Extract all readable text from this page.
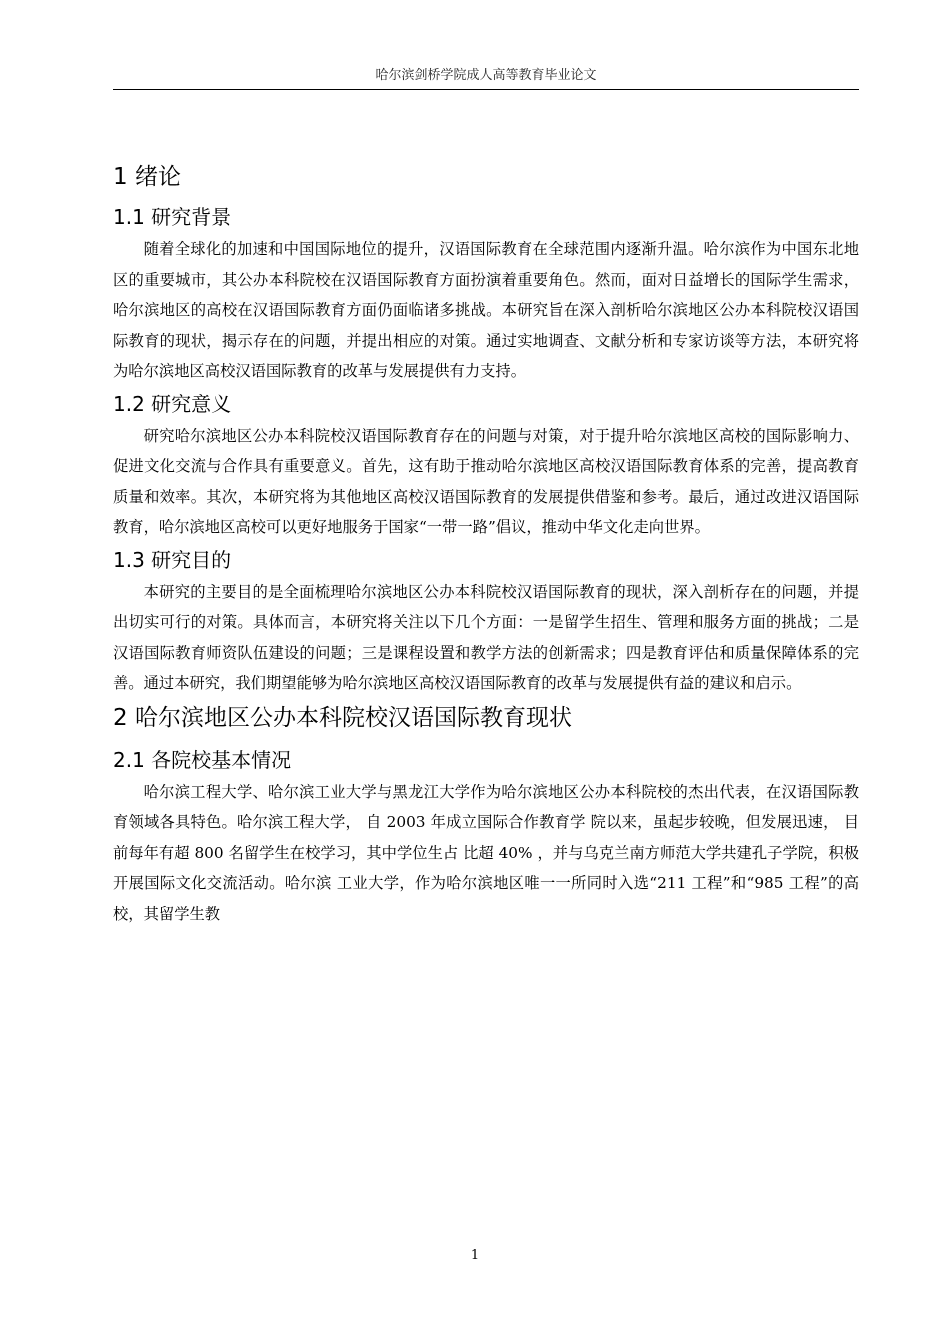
哈尔滨剑桥学院成人高等教育毕业论文
1 绪论
1.1 研究背景

随着全球化的加速和中国国际地位的提升，汉语国际教育在全球范围内逐渐升温。哈尔滨作为中国东北地区的重要城市，其公办本科院校在汉语国际教育方面扮演着重要角色。然而，面对日益增长的国际学生需求，哈尔滨地区的高校在汉语国际教育方面仍面临诸多挑战。本研究旨在深入剖析哈尔滨地区公办本科院校汉语国际教育的现状，揭示存在的问题，并提出相应的对策。通过实地调查、文献分析和专家访谈等方法，本研究将为哈尔滨地区高校汉语国际教育的改革与发展提供有力支持。

1.2 研究意义

研究哈尔滨地区公办本科院校汉语国际教育存在的问题与对策，对于提升哈尔滨地区高校的国际影响力、促进文化交流与合作具有重要意义。首先，这有助于推动哈尔滨地区高校汉语国际教育体系的完善，提高教育质量和效率。其次，本研究将为其他地区高校汉语国际教育的发展提供借鉴和参考。最后，通过改进汉语国际教育，哈尔滨地区高校可以更好地服务于国家“一带一路”倡议，推动中华文化走向世界。

1.3 研究目的

本研究的主要目的是全面梳理哈尔滨地区公办本科院校汉语国际教育的现状，深入剖析存在的问题，并提出切实可行的对策。具体而言，本研究将关注以下几个方面：一是留学生招生、管理和服务方面的挑战；二是汉语国际教育师资队伍建设的问题；三是课程设置和教学方法的创新需求；四是教育评估和质量保障体系的完善。通过本研究，我们期望能够为哈尔滨地区高校汉语国际教育的改革与发展提供有益的建议和启示。

2 哈尔滨地区公办本科院校汉语国际教育现状
2.1 各院校基本情况

哈尔滨工程大学、哈尔滨工业大学与黑龙江大学作为哈尔滨地区公办本科院校的杰出代表，在汉语国际教育领域各具特色。哈尔滨工程大学， 自 2003 年成立国际合作教育学 院以来，虽起步较晚，但发展迅速， 目前每年有超 800 名留学生在校学习，其中学位生占 比超 40% ，并与乌克兰南方师范大学共建孔子学院，积极开展国际文化交流活动。哈尔滨 工业大学，作为哈尔滨地区唯一一所同时入选“211 工程”和“985 工程”的高校，其留学生教

1
